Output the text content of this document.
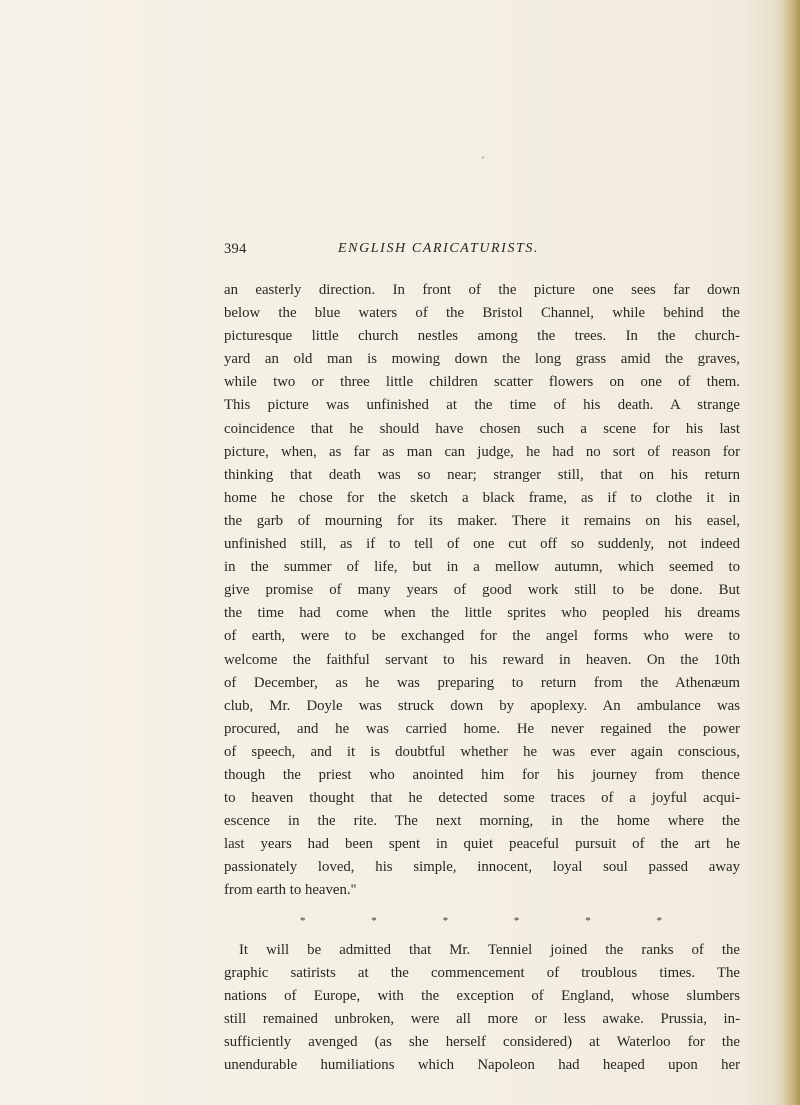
394	ENGLISH CARICATURISTS.
an easterly direction. In front of the picture one sees far down
below the blue waters of the Bristol Channel, while behind the
picturesque little church nestles among the trees. In the church-
yard an old man is mowing down the long grass amid the graves,
while two or three little children scatter flowers on one of them.
This picture was unfinished at the time of his death. A strange
coincidence that he should have chosen such a scene for his last
picture, when, as far as man can judge, he had no sort of reason for
thinking that death was so near; stranger still, that on his return
home he chose for the sketch a black frame, as if to clothe it in
the garb of mourning for its maker. There it remains on his easel,
unfinished still, as if to tell of one cut off so suddenly, not indeed
in the summer of life, but in a mellow autumn, which seemed to
give promise of many years of good work still to be done. But
the time had come when the little sprites who peopled his dreams
of earth, were to be exchanged for the angel forms who were to
welcome the faithful servant to his reward in heaven. On the 10th
of December, as he was preparing to return from the Athenæum
club, Mr. Doyle was struck down by apoplexy. An ambulance was
procured, and he was carried home. He never regained the power
of speech, and it is doubtful whether he was ever again conscious,
though the priest who anointed him for his journey from thence
to heaven thought that he detected some traces of a joyful acqui-
escence in the rite. The next morning, in the home where the
last years had been spent in quiet peaceful pursuit of the art he
passionately loved, his simple, innocent, loyal soul passed away
from earth to heaven."
*	*	*	*	*	*
It will be admitted that Mr. Tenniel joined the ranks of the
graphic satirists at the commencement of troublous times. The
nations of Europe, with the exception of England, whose slumbers
still remained unbroken, were all more or less awake. Prussia, in-
sufficiently avenged (as she herself considered) at Waterloo for the
unendurable humiliations which Napoleon had heaped upon her
